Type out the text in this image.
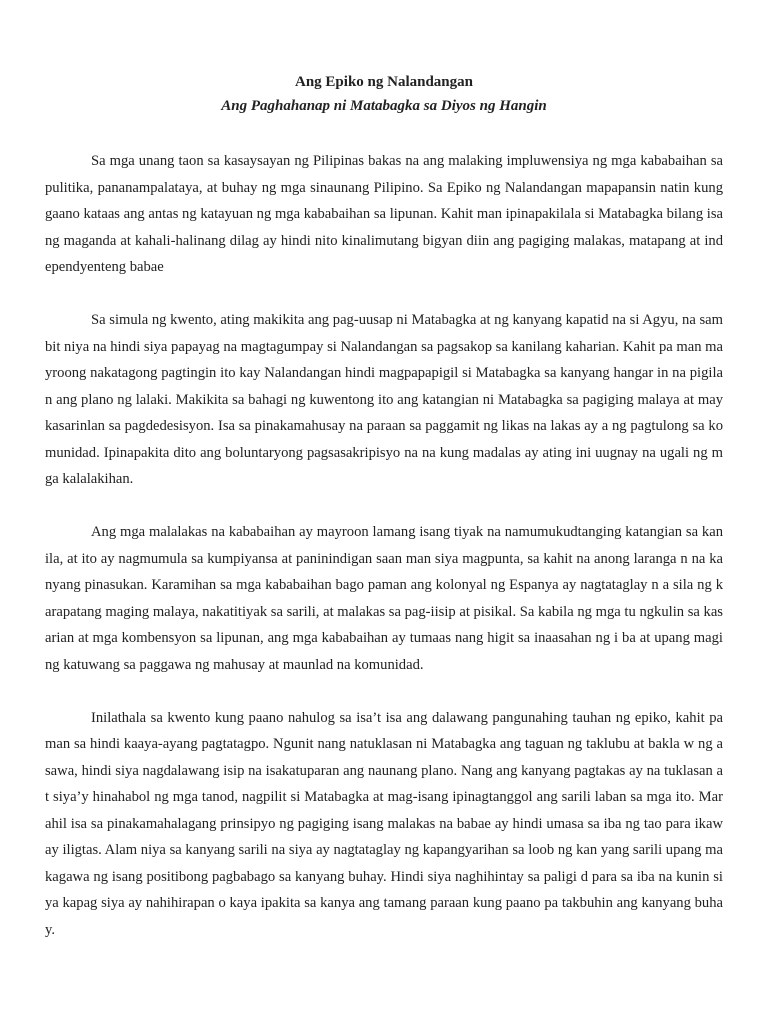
Ang Epiko ng Nalandangan
Ang Paghahanap ni Matabagka sa Diyos ng Hangin

Sa mga unang taon sa kasaysayan ng Pilipinas bakas na ang malaking impluwensiya ng mga kababaihan sa pulitika, pananampalataya, at buhay ng mga sinaunang Pilipino. Sa Epiko ng Nalandangan mapapansin natin kung gaano kataas ang antas ng katayuan ng mga kababaihan sa lipunan. Kahit man ipinapakilala si Matabagka bilang isang maganda at kahali-halinang dilag ay hindi nito kinalimutang bigyan diin ang pagiging malakas, matapang at independyenteng babae

Sa simula ng kwento, ating makikita ang pag-uusap ni Matabagka at ng kanyang kapatid na si Agyu, na sambit niya na hindi siya papayag na magtagumpay si Nalandangan sa pagsakop sa kanilang kaharian. Kahit pa man mayroong nakatagong pagtingin ito kay Nalandangan hindi magpapapigil si Matabagka sa kanyang hangar in na pigilan ang plano ng lalaki. Makikita sa bahagi ng kuwentong ito ang katangian ni Matabagka sa pagiging malaya at may kasarinlan sa pagdedesisyon. Isa sa pinakamahusay na paraan sa paggamit ng likas na lakas ay a ng pagtulong sa komunidad. Ipinapakita dito ang boluntaryong pagsasakripisyo na na kung madalas ay ating ini uugnay na ugali ng mga kalalakihan.

Ang mga malalakas na kababaihan ay mayroon lamang isang tiyak na namumukudtanging katangian sa kanila, at ito ay nagmumula sa kumpiyansa at paninindigan saan man siya magpunta, sa kahit na anong laranga n na kanyang pinasukan. Karamihan sa mga kababaihan bago paman ang kolonyal ng Espanya ay nagtataglay n a sila ng karapatang maging malaya, nakatitiyak sa sarili, at malakas sa pag-iisip at pisikal. Sa kabila ng mga tu ngkulin sa kasarian at mga kombensyon sa lipunan, ang mga kababaihan ay tumaas nang higit sa inaasahan ng i ba at upang maging katuwang sa paggawa ng mahusay at maunlad na komunidad.

Inilathala sa kwento kung paano nahulog sa isa’t isa ang dalawang pangunahing tauhan ng epiko, kahit pa man sa hindi kaaya-ayang pagtatagpo. Ngunit nang natuklasan ni Matabagka ang taguan ng taklubu at bakla w ng asawa, hindi siya nagdalawang isip na isakatuparan ang naunang plano. Nang ang kanyang pagtakas ay na tuklasan at siya’y hinahabol ng mga tanod, nagpilit si Matabagka at mag-isang ipinagtanggol ang sarili laban sa mga ito. Marahil isa sa pinakamahalagang prinsipyo ng pagiging isang malakas na babae ay hindi umasa sa iba ng tao para ikaw ay iligtas. Alam niya sa kanyang sarili na siya ay nagtataglay ng kapangyarihan sa loob ng kan yang sarili upang makagawa ng isang positibong pagbabago sa kanyang buhay. Hindi siya naghihintay sa paligi d para sa iba na kunin siya kapag siya ay nahihirapan o kaya ipakita sa kanya ang tamang paraan kung paano pa takbuhin ang kanyang buhay.
